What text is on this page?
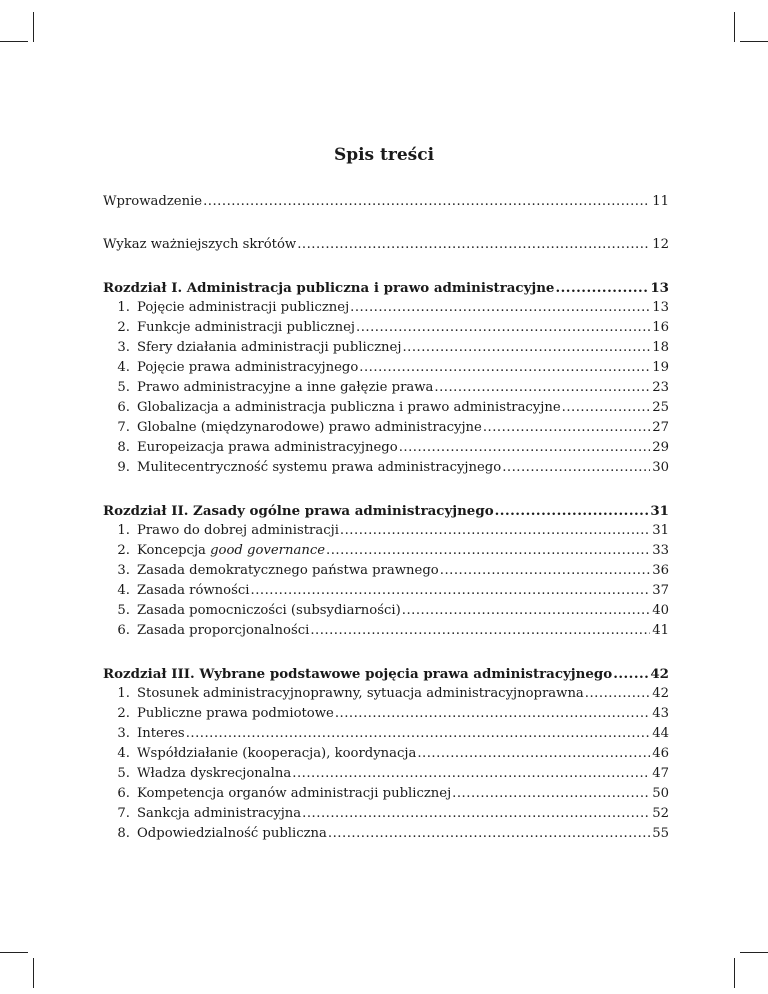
Spis treści
Wprowadzenie .....	11
Wykaz ważniejszych skrótów .....	12
Rozdział I. Administracja publiczna i prawo administracyjne .....	13
1. Pojęcie administracji publicznej .....	13
2. Funkcje administracji publicznej .....	16
3. Sfery działania administracji publicznej .....	18
4. Pojęcie prawa administracyjnego .....	19
5. Prawo administracyjne a inne gałęzie prawa .....	23
6. Globalizacja a administracja publiczna i prawo administracyjne .....	25
7. Globalne (międzynarodowe) prawo administracyjne .....	27
8. Europeizacja prawa administracyjnego .....	29
9. Mulitecentryczność systemu prawa administracyjnego .....	30
Rozdział II. Zasady ogólne prawa administracyjnego .....	31
1. Prawo do dobrej administracji .....	31
2. Koncepcja good governance .....	33
3. Zasada demokratycznego państwa prawnego .....	36
4. Zasada równości .....	37
5. Zasada pomocniczości (subsydiarności) .....	40
6. Zasada proporcjonalności .....	41
Rozdział III. Wybrane podstawowe pojęcia prawa administracyjnego .....	42
1. Stosunek administracyjnoprawny, sytuacja administracyjnoprawna .....	42
2. Publiczne prawa podmiotowe .....	43
3. Interes .....	44
4. Współdziałanie (kooperacja), koordynacja .....	46
5. Władza dyskrecjonalna .....	47
6. Kompetencja organów administracji publicznej .....	50
7. Sankcja administracyjna .....	52
8. Odpowiedzialność publiczna .....	55
